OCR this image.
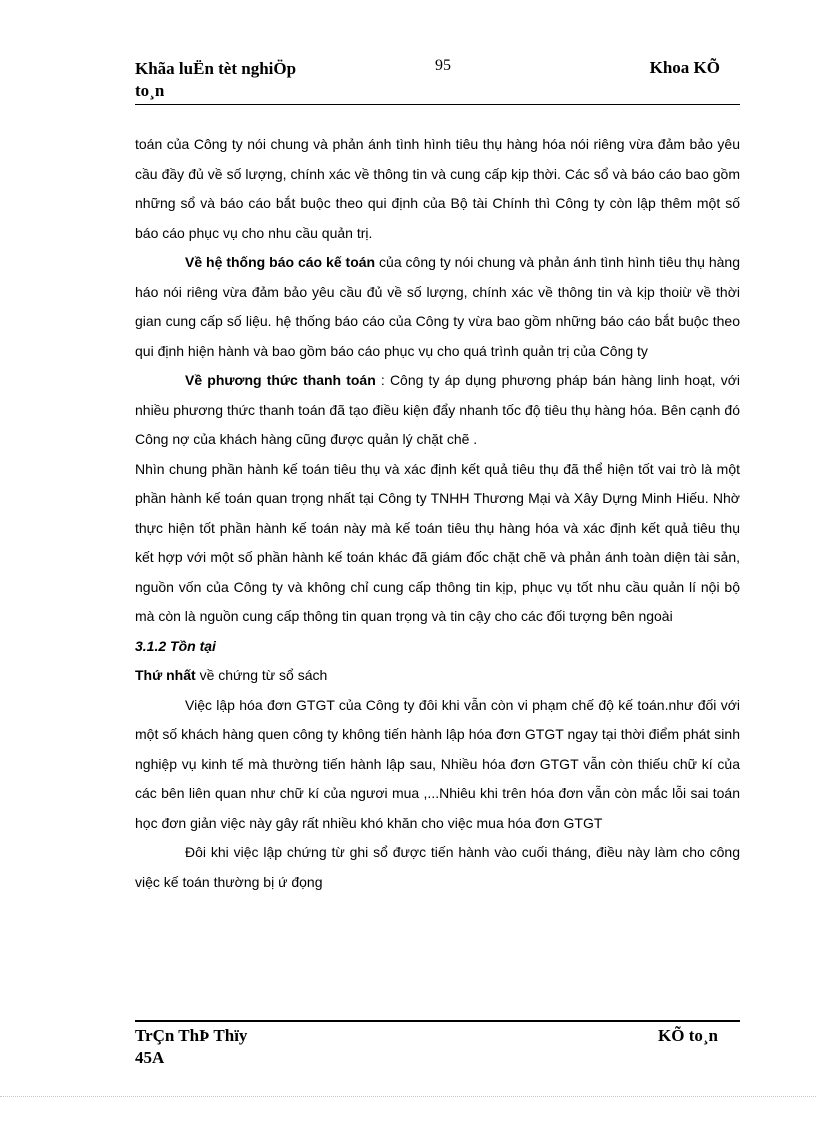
Khãa luËn tèt nghiÖp
to¸n
95	Khoa KÕ

toán của Công ty nói chung và phản ánh tình hình tiêu thụ hàng hóa nói riêng vừa đảm bảo yêu cầu đầy đủ về số lượng, chính xác về thông tin và cung cấp kịp thời. Các sổ và báo cáo bao gồm những sổ và báo cáo bắt buộc theo qui định của Bộ tài Chính thì Công ty còn lập thêm một số báo cáo phục vụ cho nhu cầu quản trị.

Về hệ thống báo cáo kế toán của công ty nói chung và phản ánh tình hình tiêu thụ hàng háo nói riêng vừa đảm bảo yêu cầu đủ về số lượng, chính xác về thông tin và kịp thoiừ về thời gian cung cấp số liệu. hệ thống báo cáo của Công ty vừa bao gồm những báo cáo bắt buộc theo qui định hiện hành và bao gồm báo cáo phục vụ cho quá trình quản trị của Công ty

Về phương thức thanh toán : Công ty áp dụng phương pháp bán hàng linh hoạt, với nhiều phương thức thanh toán đã tạo điều kiện đẩy nhanh tốc độ tiêu thụ hàng hóa. Bên cạnh đó Công nợ của khách hàng cũng được quản lý chặt chẽ .

Nhìn chung phần hành kế toán tiêu thụ và xác định kết quả tiêu thụ đã thể hiện tốt vai trò là một phần hành kế toán quan trọng nhất tại Công ty TNHH Thương Mại và Xây Dựng Minh Hiếu. Nhờ thực hiện tốt phần hành kế toán này mà kế toán tiêu thụ hàng hóa và xác định kết quả tiêu thụ kết hợp với một số phần hành kế toán khác đã giám đốc chặt chẽ và phản ánh toàn diện tài sản, nguồn vốn của Công ty và không chỉ cung cấp thông tin kịp, phục vụ tốt nhu cầu quản lí nội bộ mà còn là nguồn cung cấp thông tin quan trọng và tin cậy cho các đối tượng bên ngoài

3.1.2 Tồn tại

Thứ nhất về chứng từ sổ sách

Việc lập hóa đơn GTGT của Công ty đôi khi vẫn còn vi phạm chế độ kế toán.như đối với một số khách hàng quen công ty không tiến hành lập hóa đơn GTGT ngay tại thời điểm phát sinh nghiệp vụ kinh tế mà thường tiến hành lập sau, Nhiều hóa đơn GTGT vẫn còn thiếu chữ kí của các bên liên quan như chữ kí của ngươi mua ,...Nhiêu khi trên hóa đơn vẫn còn mắc lỗi sai toán học đơn giản việc này gây rất nhiều khó khăn cho việc mua hóa đơn GTGT

Đôi khi việc lập chứng từ ghi sổ được tiến hành vào cuối tháng, điều này làm cho công việc kế toán thường bị ứ đọng

TrÇn ThÞ Thïy
45A
KÕ to¸n
